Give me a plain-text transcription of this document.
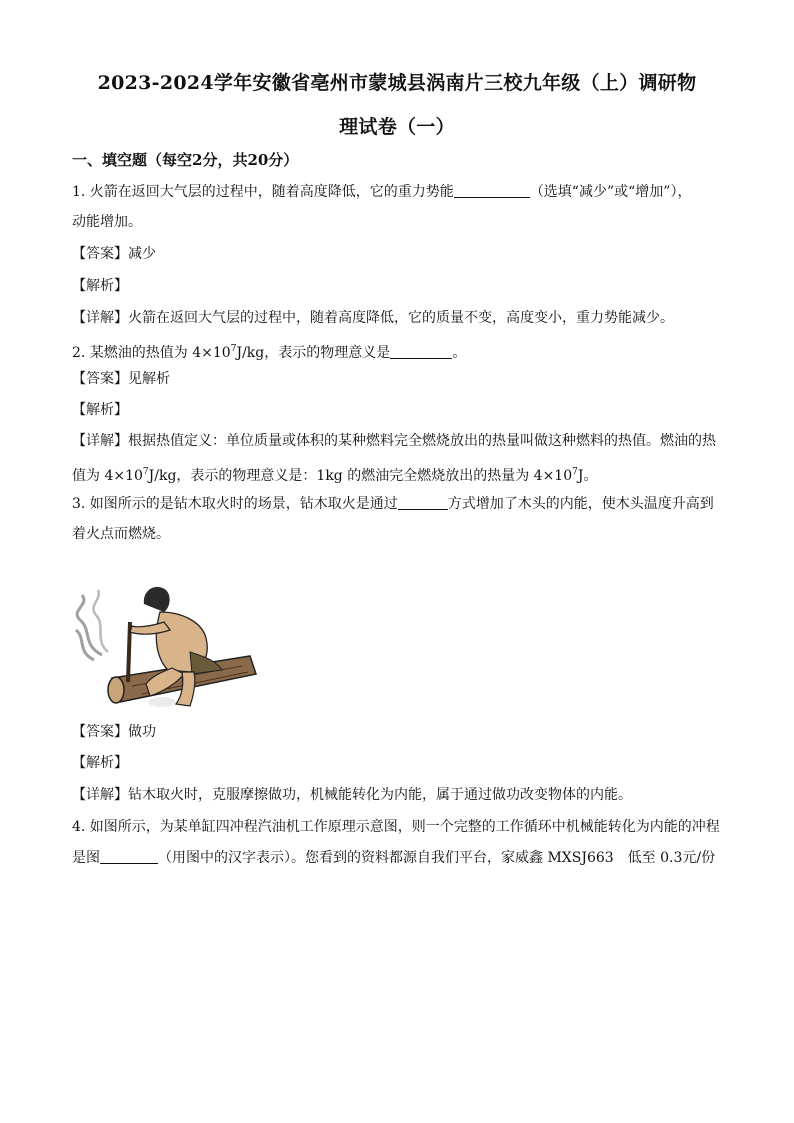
2023-2024学年安徽省亳州市蒙城县涡南片三校九年级（上）调研物
理试卷（一）
一、填空题（每空2分，共20分）
1. 火箭在返回大气层的过程中，随着高度降低，它的重力势能	（选填“减少”或“增加”），
动能增加。
【答案】减少
【解析】
【详解】火箭在返回大气层的过程中，随着高度降低，它的质量不变，高度变小，重力势能减少。
2. 某燃油的热值为 $4\times 10^7J/kg$，表示的物理意义是	。
【答案】见解析
【解析】
【详解】根据热值定义：单位质量或体积的某种燃料完全燃烧放出的热量叫做这种燃料的热值。燃油的热
值为 $4\times 10^7J/kg$，表示的物理意义是：1kg 的燃油完全燃烧放出的热量为 $4\times 10^7J$。
3. 如图所示的是钻木取火时的场景，钻木取火是通过	方式增加了木头的内能，使木头温度升高到
着火点而燃烧。
【答案】做功
【解析】
【详解】钻木取火时，克服摩擦做功，机械能转化为内能，属于通过做功改变物体的内能。
4. 如图所示，为某单缸四冲程汽油机工作原理示意图，则一个完整的工作循环中机械能转化为内能的冲程
是图	（用图中的汉字表示）。您看到的资料都源自我们平台，家威鑫 MXSJ663　低至 0.3元/份
